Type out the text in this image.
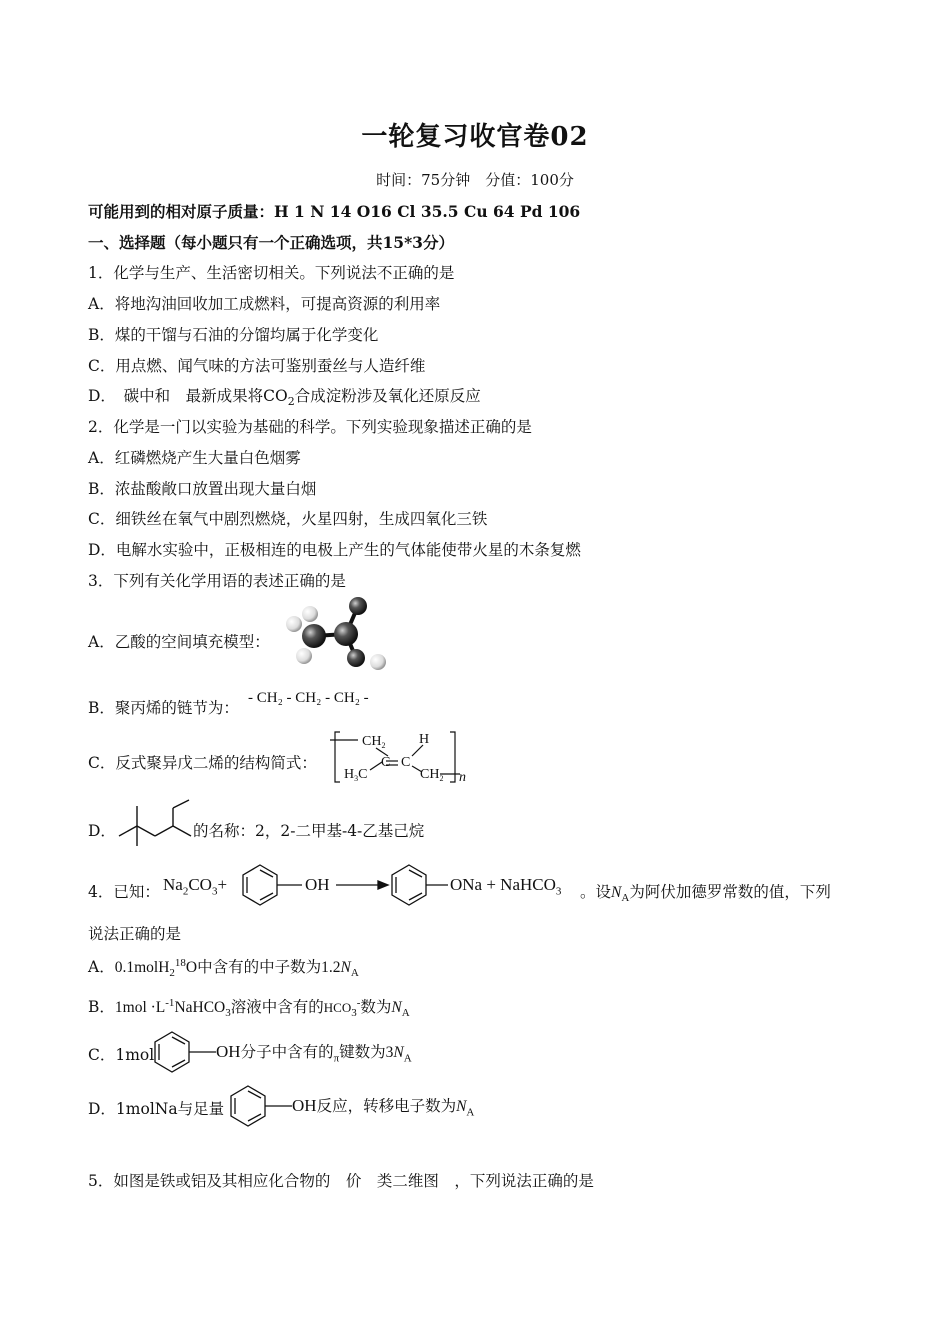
一轮复习收官卷02
时间：75分钟　分值：100分
可能用到的相对原子质量：H 1 N 14 O16 Cl 35.5 Cu 64 Pd 106
一、选择题（每小题只有一个正确选项，共15*3分）
1．化学与生产、生活密切相关。下列说法不正确的是
A．将地沟油回收加工成燃料，可提高资源的利用率
B．煤的干馏与石油的分馏均属于化学变化
C．用点燃、闻气味的方法可鉴别蚕丝与人造纤维
D．　碳中和　最新成果将$CO_2$合成淀粉涉及氧化还原反应
2．化学是一门以实验为基础的科学。下列实验现象描述正确的是
A．红磷燃烧产生大量白色烟雾
B．浓盐酸敞口放置出现大量白烟
C．细铁丝在氧气中剧烈燃烧，火星四射，生成四氧化三铁
D．电解水实验中，正极相连的电极上产生的气体能使带火星的木条复燃
3．下列有关化学用语的表述正确的是
A．乙酸的空间填充模型：
B．聚丙烯的链节为：
- CH₂ - CH₂ - CH₂ -
C．反式聚异戊二烯的结构简式：
$CH_2$ H
C C
$H_3C$	$CH_2$ n
D．	的名称：2，2-二甲基-4-乙基己烷
4．已知： $Na_2CO_3+$	OH	ONa + NaHCO$_3$ 。设$N_A$为阿伏加德罗常数的值，下列
说法正确的是
A．0.1molH$_2^{18}$O中含有的中子数为$1.2N_A$
B．$1mol \cdot L^{-1}NaHCO_3$溶液中含有的$HCO_3^-$数为$N_A$
C．1mol	OH分子中含有的$_\pi$键数为$3N_A$
D．1molNa与足量	OH反应，转移电子数为$N_A$
5．如图是铁或铝及其相应化合物的　价　类二维图　，下列说法正确的是
